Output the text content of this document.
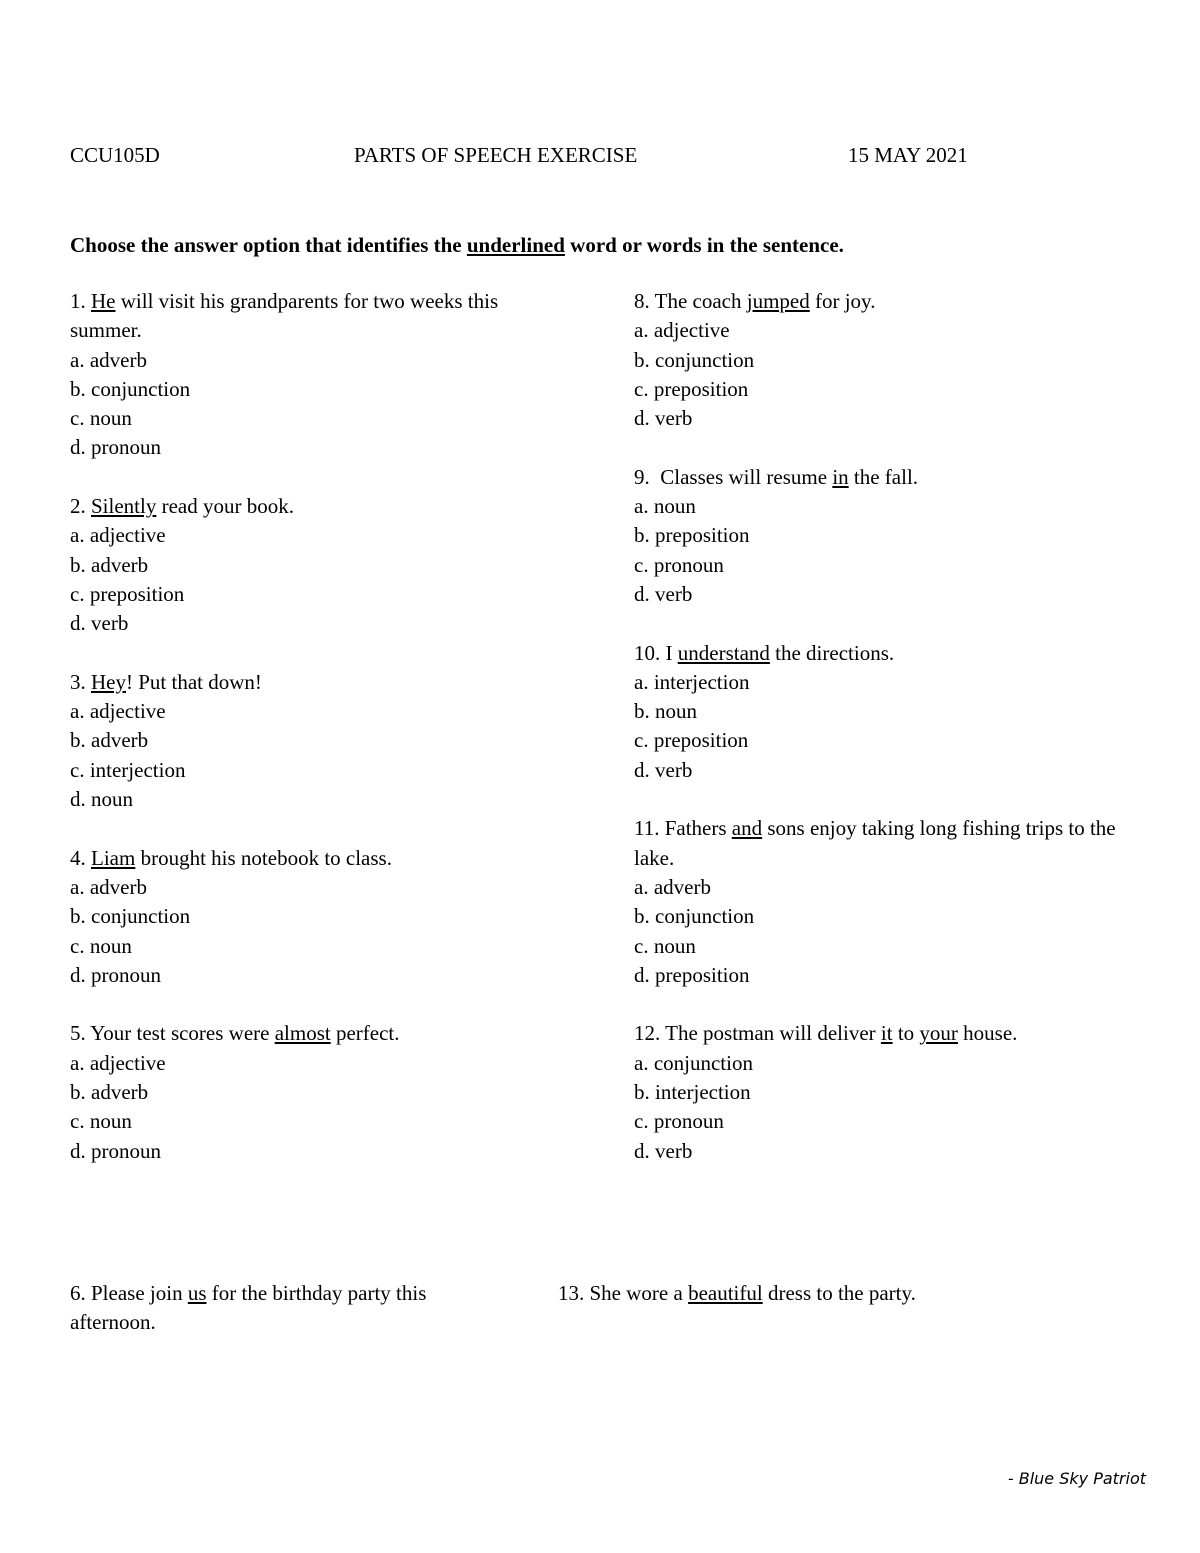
CCU105D	PARTS OF SPEECH EXERCISE	15 MAY 2021
Choose the answer option that identifies the underlined word or words in the sentence.
1. He will visit his grandparents for two weeks this summer.
a. adverb
b. conjunction
c. noun
d. pronoun
2. Silently read your book.
a. adjective
b. adverb
c. preposition
d. verb
3. Hey! Put that down!
a. adjective
b. adverb
c. interjection
d. noun
4. Liam brought his notebook to class.
a. adverb
b. conjunction
c. noun
d. pronoun
5. Your test scores were almost perfect.
a. adjective
b. adverb
c. noun
d. pronoun
8. The coach jumped for joy.
a. adjective
b. conjunction
c. preposition
d. verb
9.  Classes will resume in the fall.
a. noun
b. preposition
c. pronoun
d. verb
10. I understand the directions.
a. interjection
b. noun
c. preposition
d. verb
11. Fathers and sons enjoy taking long fishing trips to the lake.
a. adverb
b. conjunction
c. noun
d. preposition
12. The postman will deliver it to your house.
a. conjunction
b. interjection
c. pronoun
d. verb
6. Please join us for the birthday party this afternoon.
13. She wore a beautiful dress to the party.
- Blue Sky Patriot
